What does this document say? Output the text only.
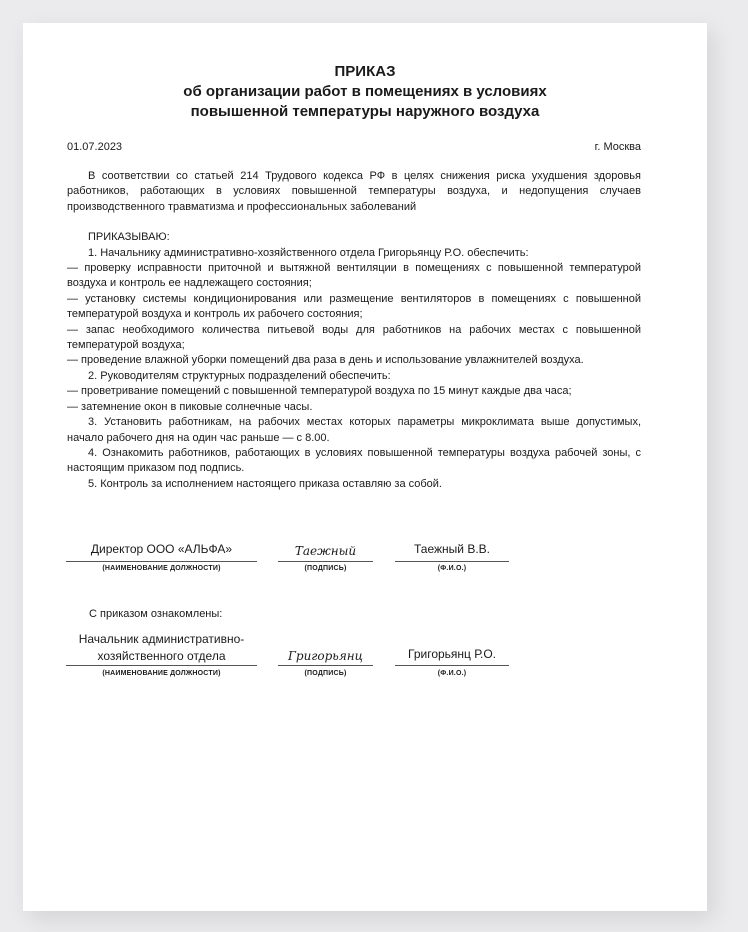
ПРИКАЗ
об организации работ в помещениях в условиях
повышенной температуры наружного воздуха
01.07.2023	г. Москва

В соответствии со статьей 214 Трудового кодекса РФ в целях снижения риска ухудшения здоровья работников, работающих в условиях повышенной температуры воздуха, и недопущения случаев производственного травматизма и профессиональных заболеваний

ПРИКАЗЫВАЮ:

1. Начальнику административно-хозяйственного отдела Григорьянцу Р.О. обеспечить:

— проверку исправности приточной и вытяжной вентиляции в помещениях с повышенной температурой воздуха и контроль ее надлежащего состояния;

— установку системы кондиционирования или размещение вентиляторов в помещениях с повышенной температурой воздуха и контроль их рабочего состояния;

— запас необходимого количества питьевой воды для работников на рабочих местах с повышенной температурой воздуха;

— проведение влажной уборки помещений два раза в день и использование увлажнителей воздуха.

2. Руководителям структурных подразделений обеспечить:

— проветривание помещений с повышенной температурой воздуха по 15 минут каждые два часа;

— затемнение окон в пиковые солнечные часы.

3. Установить работникам, на рабочих местах которых параметры микроклимата выше допустимых, начало рабочего дня на один час раньше — с 8.00.

4. Ознакомить работников, работающих в условиях повышенной температуры воздуха рабочей зоны, с настоящим приказом под подпись.

5. Контроль за исполнением настоящего приказа оставляю за собой.

Директор ООО «АЛЬФА»
(НАИМЕНОВАНИЕ ДОЛЖНОСТИ)
Таежный
(ПОДПИСЬ)
Таежный В.В.
(Ф.И.О.)
С приказом ознакомлены:
Начальник административно-
хозяйственного отдела
(НАИМЕНОВАНИЕ ДОЛЖНОСТИ)
Григорьянц
(ПОДПИСЬ)
Григорьянц Р.О.
(Ф.И.О.)
